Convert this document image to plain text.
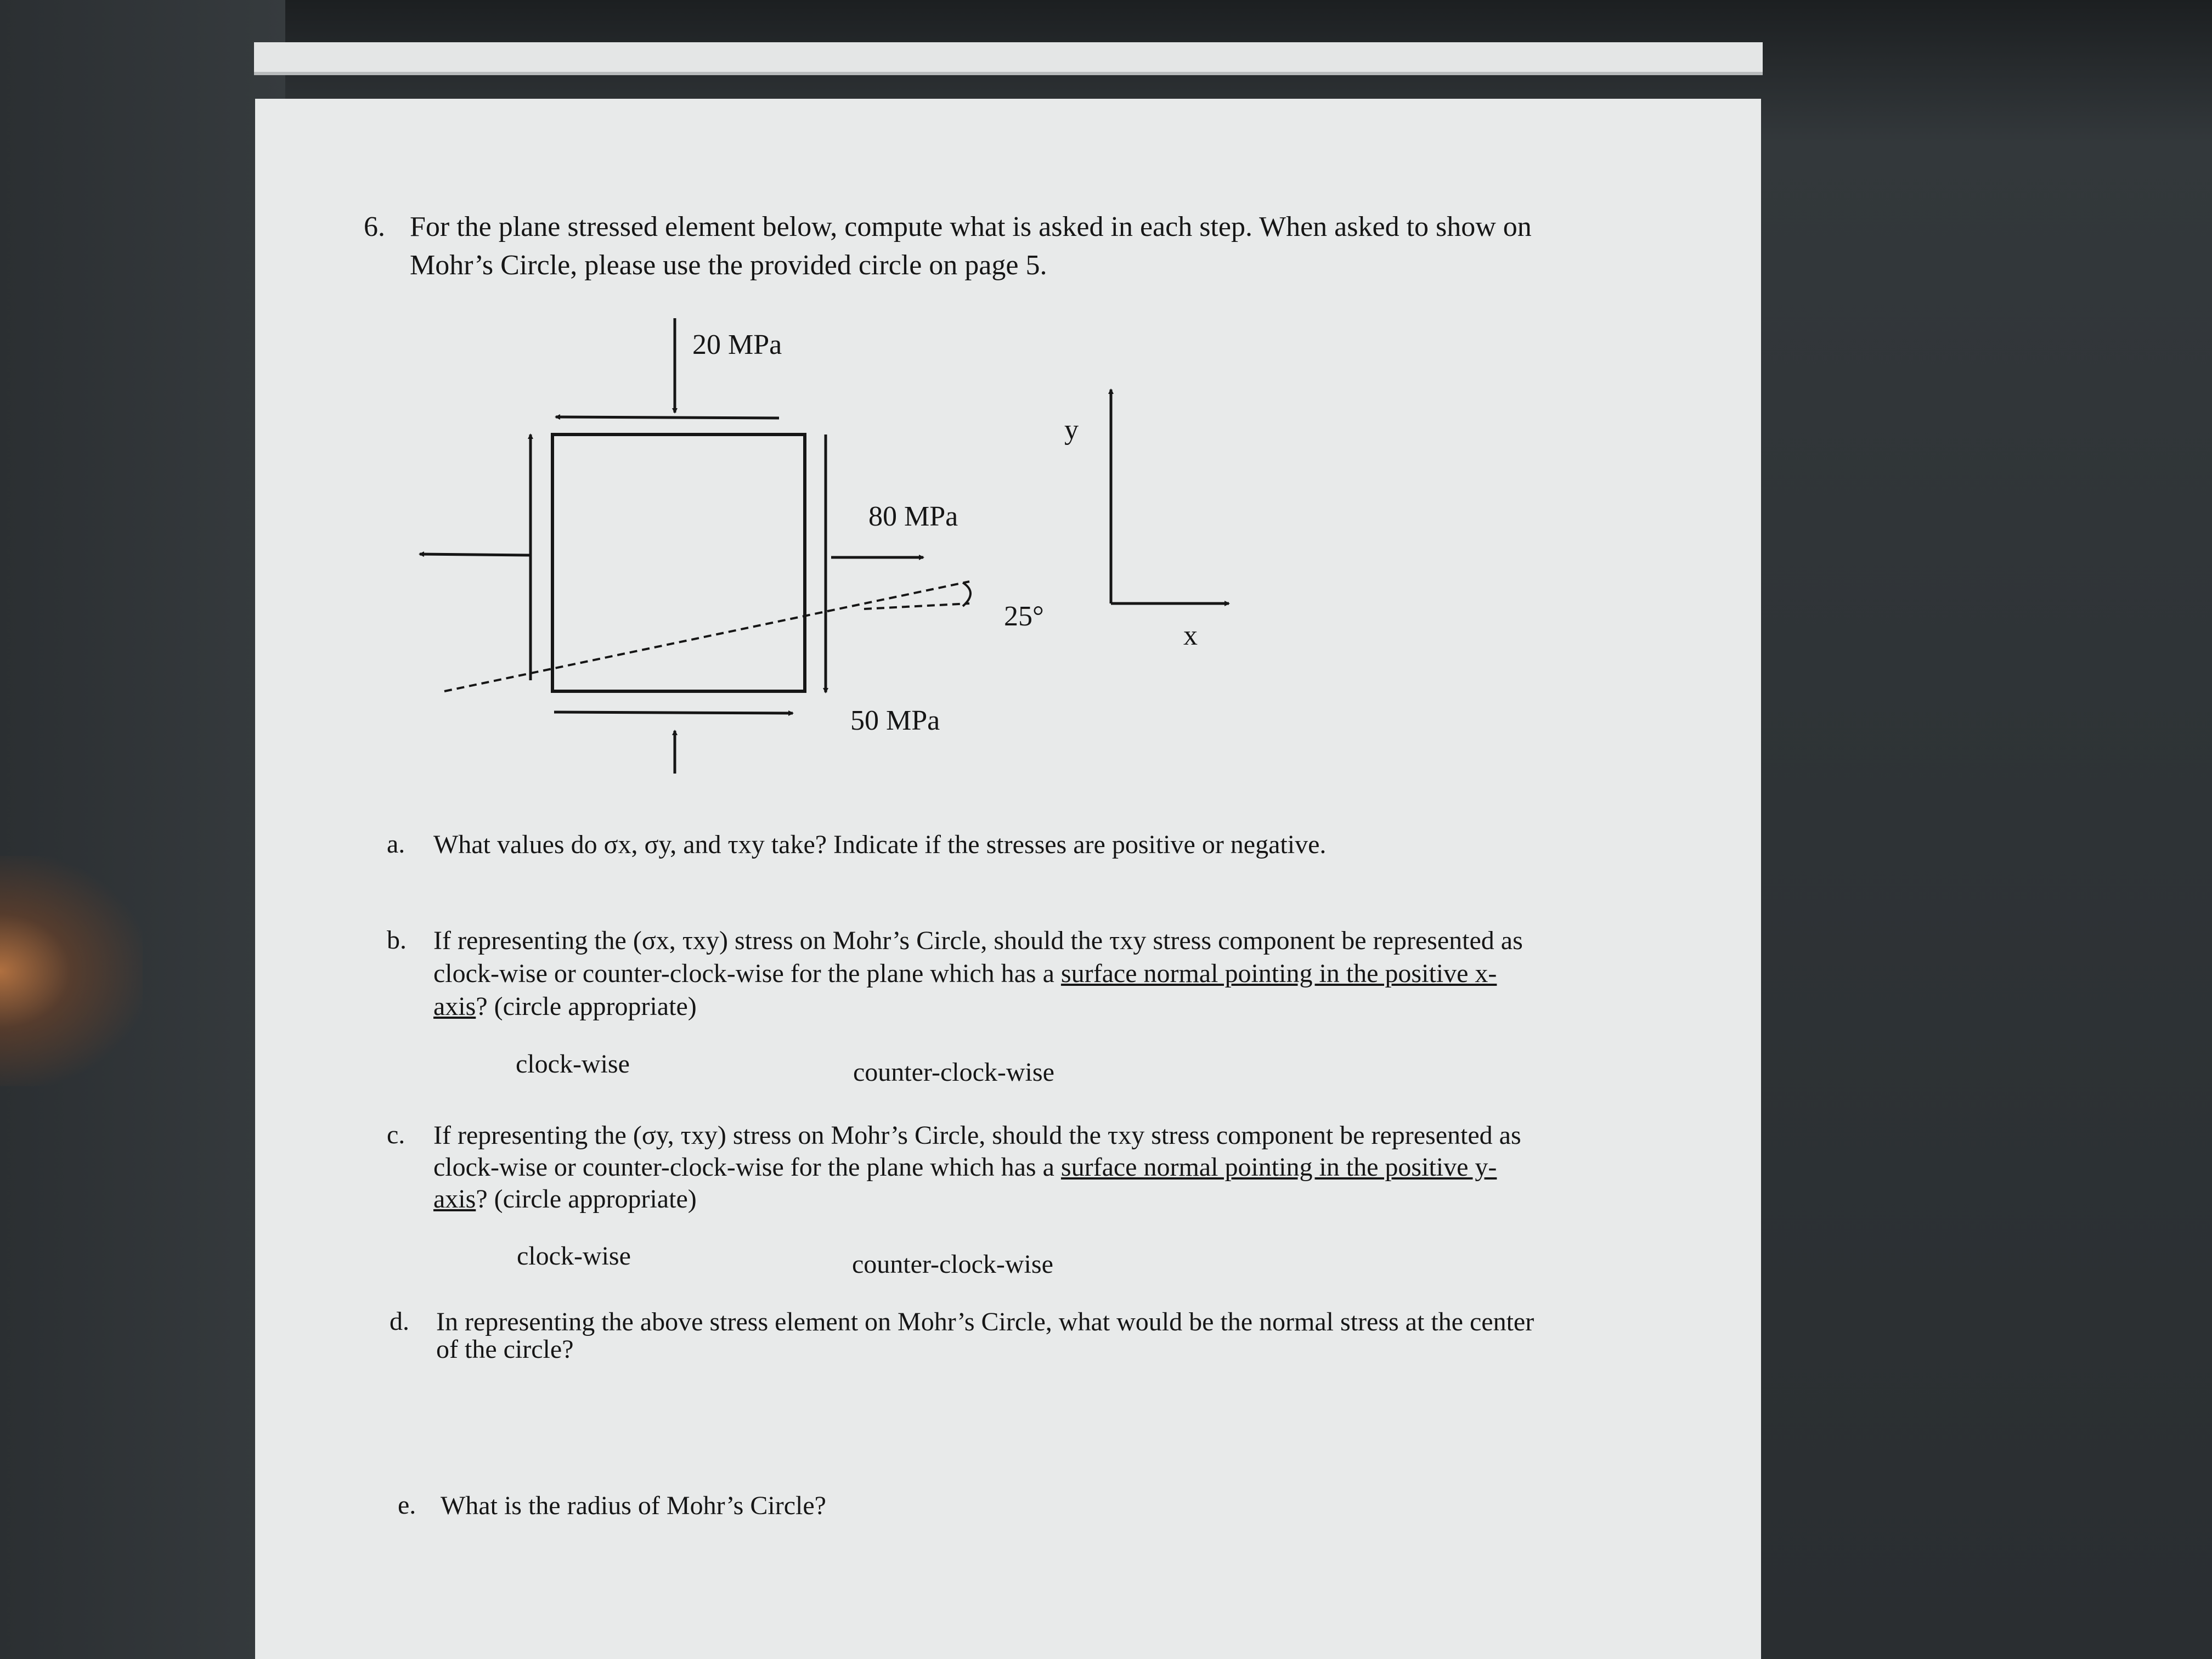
6. For the plane stressed element below, compute what is asked in each step. When asked to show on
Mohr’s Circle, please use the provided circle on page 5.
20 MPa
80 MPa
50 MPa
25°
y
x
a. What values do σx, σy, and τxy take? Indicate if the stresses are positive or negative.
b. If representing the (σx, τxy) stress on Mohr’s Circle, should the τxy stress component be represented as
clock-wise or counter-clock-wise for the plane which has a surface normal pointing in the positive x-
axis? (circle appropriate)
clock-wise	counter-clock-wise
c. If representing the (σy, τxy) stress on Mohr’s Circle, should the τxy stress component be represented as
clock-wise or counter-clock-wise for the plane which has a surface normal pointing in the positive y-
axis? (circle appropriate)
clock-wise	counter-clock-wise
d. In representing the above stress element on Mohr’s Circle, what would be the normal stress at the center
of the circle?
e. What is the radius of Mohr’s Circle?
